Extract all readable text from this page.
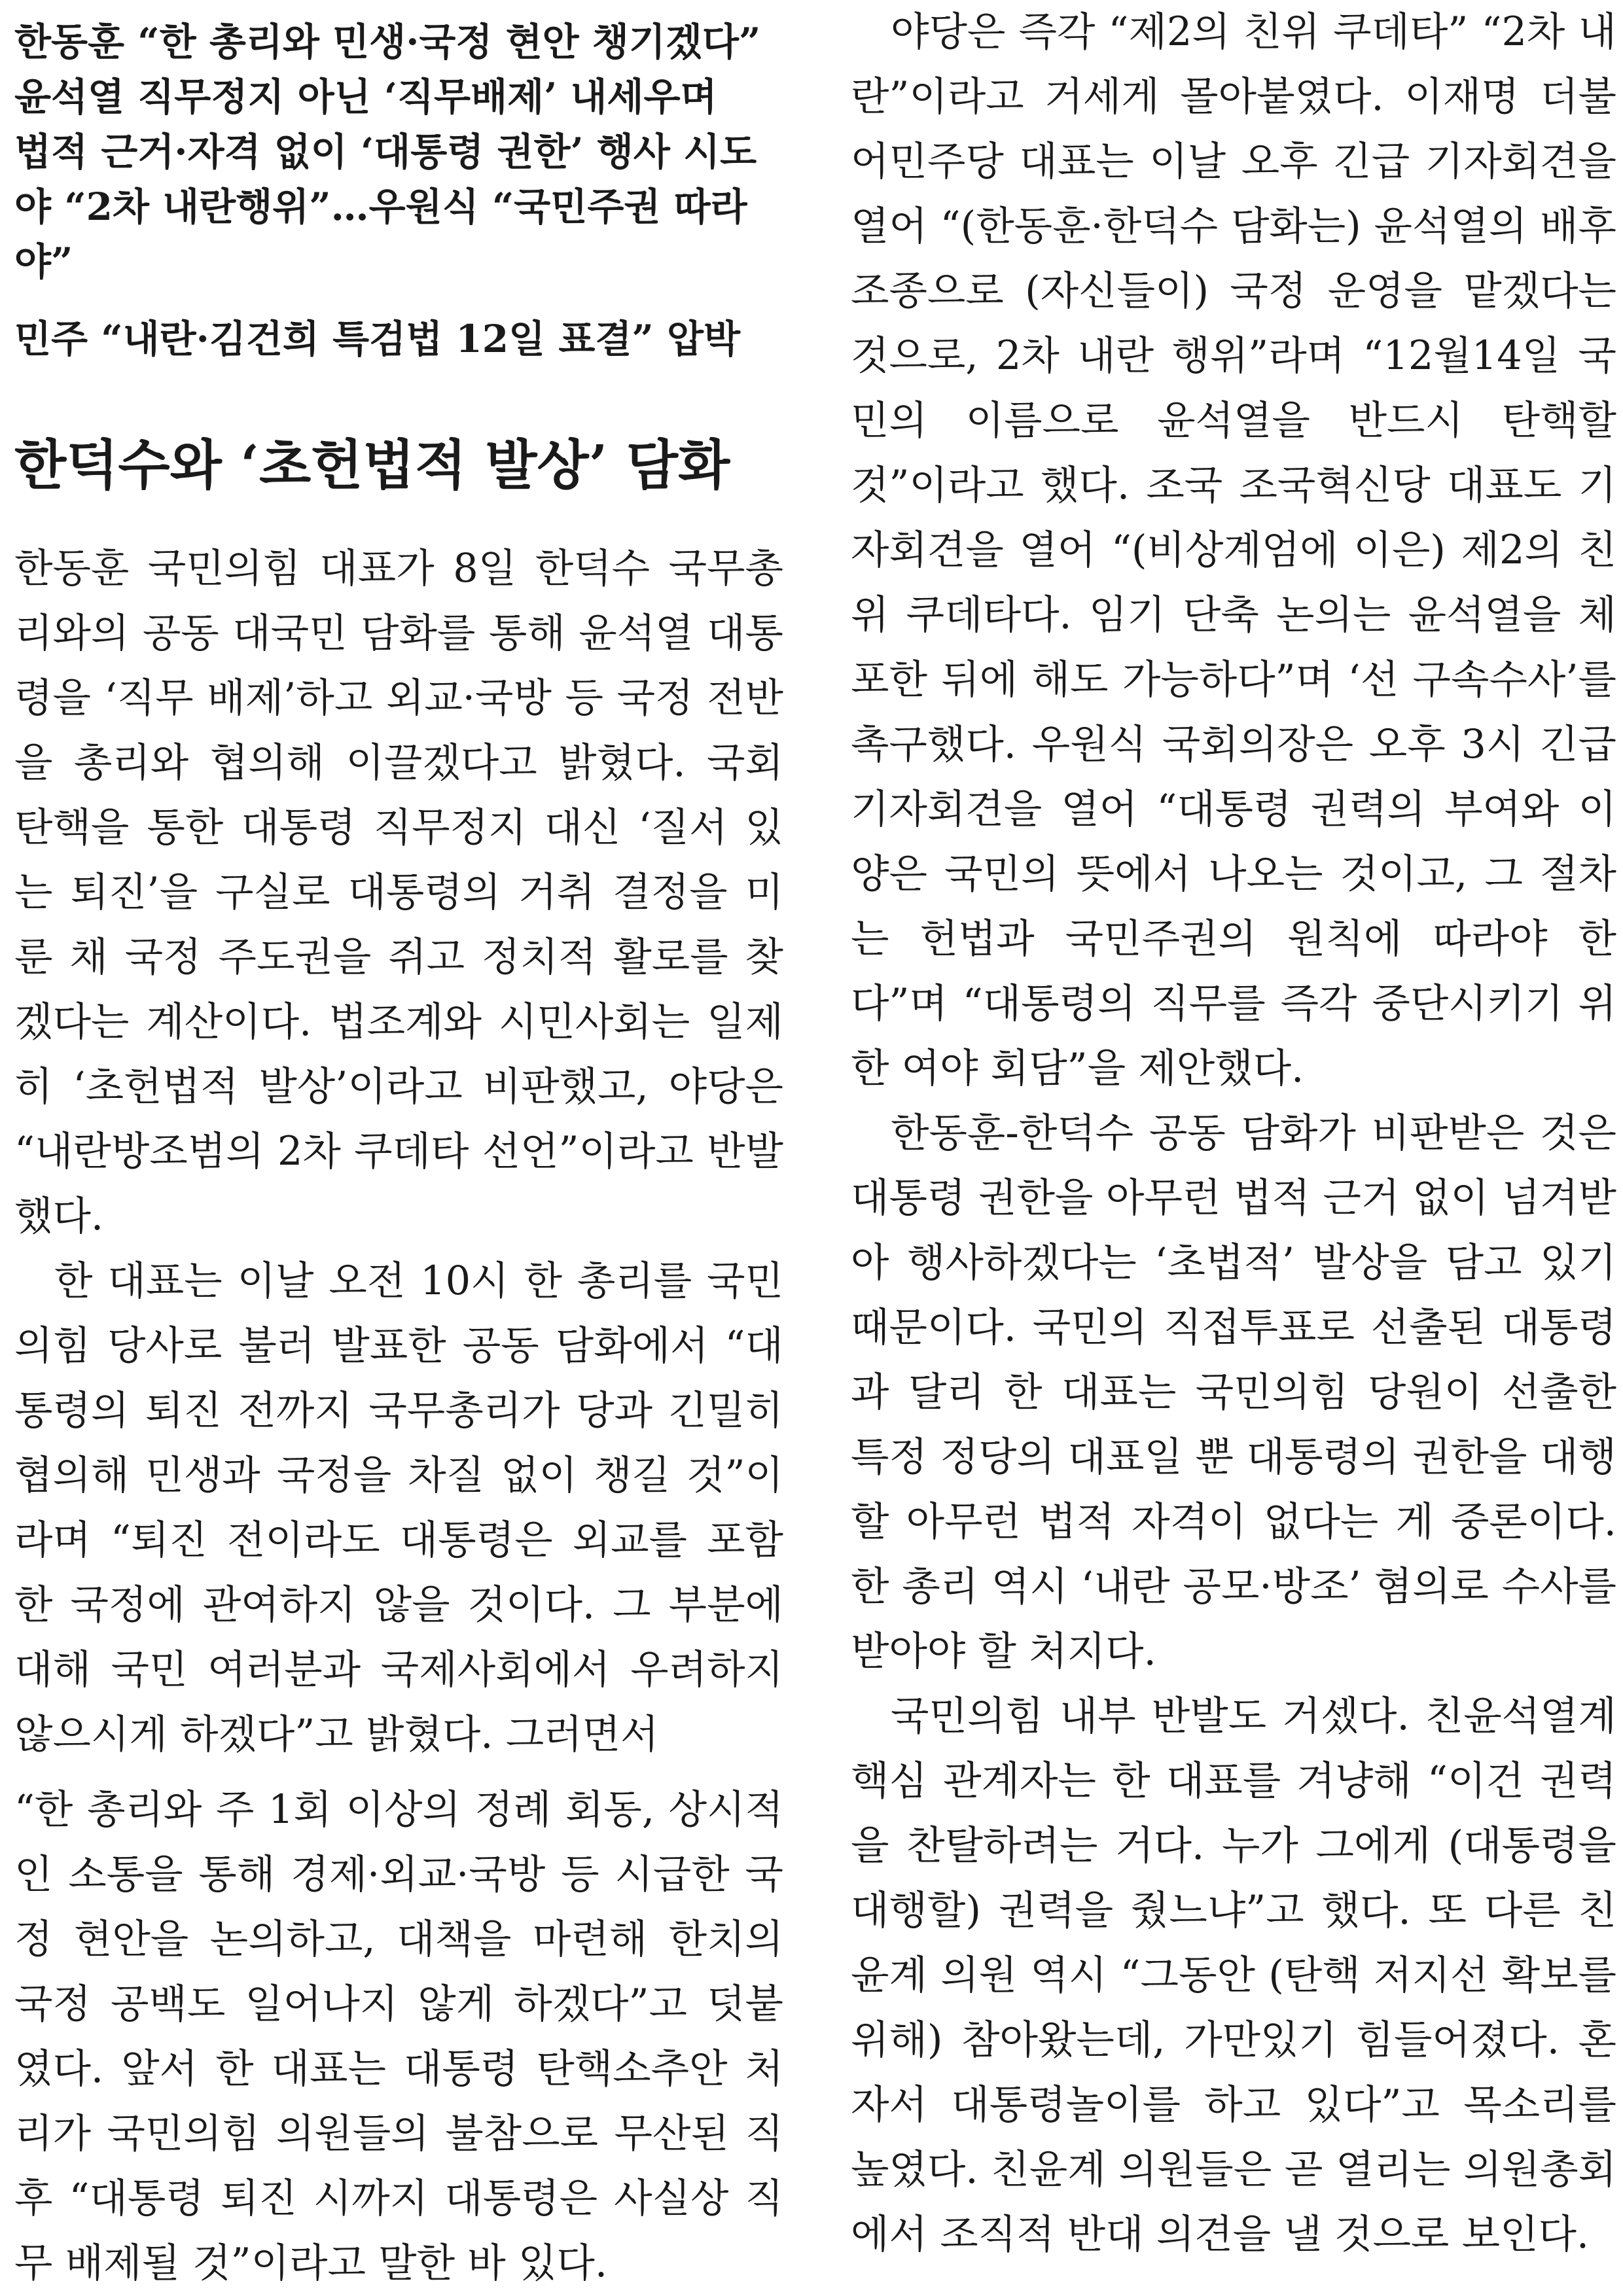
한동훈 “한 총리와 민생·국정 현안 챙기겠다”
윤석열 직무정지 아닌 ‘직무배제’ 내세우며
법적 근거·자격 없이 ‘대통령 권한’ 행사 시도
야 “2차 내란행위”…우원식 “국민주권 따라야”
민주 “내란·김건희 특검법 12일 표결” 압박
한덕수와 ‘초헌법적 발상’ 담화

한동훈 국민의힘 대표가 8일 한덕수 국무총리와의 공동 대국민 담화를 통해 윤석열 대통령을 ‘직무 배제’하고 외교·국방 등 국정 전반을 총리와 협의해 이끌겠다고 밝혔다. 국회 탄핵을 통한 대통령 직무정지 대신 ‘질서 있는 퇴진’을 구실로 대통령의 거취 결정을 미룬 채 국정 주도권을 쥐고 정치적 활로를 찾겠다는 계산이다. 법조계와 시민사회는 일제히 ‘초헌법적 발상’이라고 비판했고, 야당은 “내란방조범의 2차 쿠데타 선언”이라고 반발했다.

한 대표는 이날 오전 10시 한 총리를 국민의힘 당사로 불러 발표한 공동 담화에서 “대통령의 퇴진 전까지 국무총리가 당과 긴밀히 협의해 민생과 국정을 차질 없이 챙길 것”이라며 “퇴진 전이라도 대통령은 외교를 포함한 국정에 관여하지 않을 것이다. 그 부분에 대해 국민 여러분과 국제사회에서 우려하지 않으시게 하겠다”고 밝혔다. 그러면서

“한 총리와 주 1회 이상의 정례 회동, 상시적인 소통을 통해 경제·외교·국방 등 시급한 국정 현안을 논의하고, 대책을 마련해 한치의 국정 공백도 일어나지 않게 하겠다”고 덧붙였다. 앞서 한 대표는 대통령 탄핵소추안 처리가 국민의힘 의원들의 불참으로 무산된 직후 “대통령 퇴진 시까지 대통령은 사실상 직무 배제될 것”이라고 말한 바 있다.

야당은 즉각 “제2의 친위 쿠데타” “2차 내란”이라고 거세게 몰아붙였다. 이재명 더불어민주당 대표는 이날 오후 긴급 기자회견을 열어 “(한동훈·한덕수 담화는) 윤석열의 배후 조종으로 (자신들이) 국정 운영을 맡겠다는 것으로, 2차 내란 행위”라며 “12월14일 국민의 이름으로 윤석열을 반드시 탄핵할 것”이라고 했다. 조국 조국혁신당 대표도 기자회견을 열어 “(비상계엄에 이은) 제2의 친위 쿠데타다. 임기 단축 논의는 윤석열을 체포한 뒤에 해도 가능하다”며 ‘선 구속수사’를 촉구했다. 우원식 국회의장은 오후 3시 긴급 기자회견을 열어 “대통령 권력의 부여와 이양은 국민의 뜻에서 나오는 것이고, 그 절차는 헌법과 국민주권의 원칙에 따라야 한다”며 “대통령의 직무를 즉각 중단시키기 위한 여야 회담”을 제안했다.

한동훈-한덕수 공동 담화가 비판받은 것은 대통령 권한을 아무런 법적 근거 없이 넘겨받아 행사하겠다는 ‘초법적’ 발상을 담고 있기 때문이다. 국민의 직접투표로 선출된 대통령과 달리 한 대표는 국민의힘 당원이 선출한 특정 정당의 대표일 뿐 대통령의 권한을 대행할 아무런 법적 자격이 없다는 게 중론이다. 한 총리 역시 ‘내란 공모·방조’ 혐의로 수사를 받아야 할 처지다.

국민의힘 내부 반발도 거셌다. 친윤석열계 핵심 관계자는 한 대표를 겨냥해 “이건 권력을 찬탈하려는 거다. 누가 그에게 (대통령을 대행할) 권력을 줬느냐”고 했다. 또 다른 친윤계 의원 역시 “그동안 (탄핵 저지선 확보를 위해) 참아왔는데, 가만있기 힘들어졌다. 혼자서 대통령놀이를 하고 있다”고 목소리를 높였다. 친윤계 의원들은 곧 열리는 의원총회에서 조직적 반대 의견을 낼 것으로 보인다.
